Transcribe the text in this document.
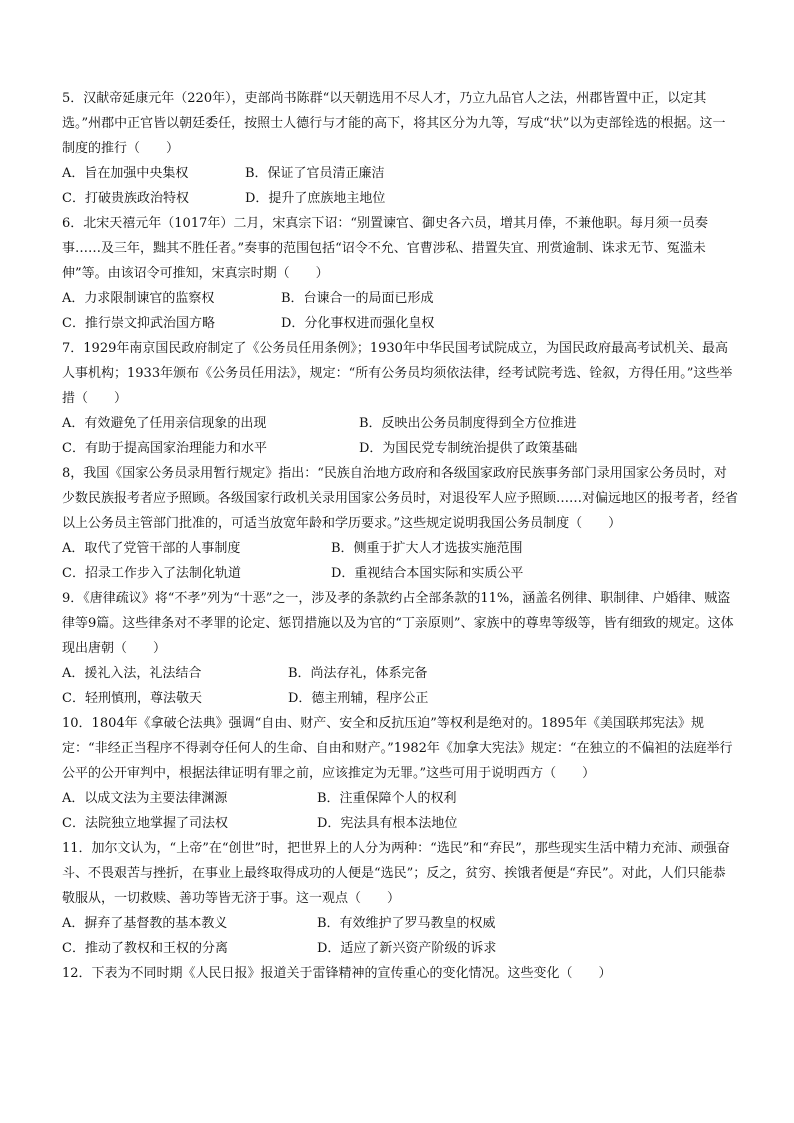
5．汉献帝延康元年（220年），吏部尚书陈群“以天朝选用不尽人才，乃立九品官人之法，州郡皆置中正，以定其选。”州郡中正官皆以朝廷委任，按照士人德行与才能的高下，将其区分为九等，写成“状”以为吏部铨选的根据。这一制度的推行（　　）

A．旨在加强中央集权	B．保证了官员清正廉洁
C．打破贵族政治特权	D．提升了庶族地主地位

6．北宋天禧元年（1017年）二月，宋真宗下诏：“别置谏官、御史各六员，增其月俸，不兼他职。每月须一员奏事……及三年，黜其不胜任者。”奏事的范围包括“诏令不允、官曹涉私、措置失宜、刑赏逾制、诛求无节、冤滥未伸”等。由该诏令可推知，宋真宗时期（　　）

A．力求限制谏官的监察权	B．台谏合一的局面已形成
C．推行崇文抑武治国方略	D．分化事权进而强化皇权

7．1929年南京国民政府制定了《公务员任用条例》；1930年中华民国考试院成立，为国民政府最高考试机关、最高人事机构；1933年颁布《公务员任用法》，规定：“所有公务员均须依法律，经考试院考选、铨叙，方得任用。”这些举措（　　）

A．有效避免了任用亲信现象的出现	B．反映出公务员制度得到全方位推进
C．有助于提高国家治理能力和水平	D．为国民党专制统治提供了政策基础

8，我国《国家公务员录用暂行规定》指出：“民族自治地方政府和各级国家政府民族事务部门录用国家公务员时，对少数民族报考者应予照顾。各级国家行政机关录用国家公务员时，对退役军人应予照顾……对偏远地区的报考者，经省以上公务员主管部门批准的，可适当放宽年龄和学历要求。”这些规定说明我国公务员制度（　　）

A．取代了党管干部的人事制度	B．侧重于扩大人才选拔实施范围
C．招录工作步入了法制化轨道	D．重视结合本国实际和实质公平

9．《唐律疏议》将“不孝”列为“十恶”之一，涉及孝的条款约占全部条款的11%，涵盖名例律、职制律、户婚律、贼盗律等9篇。这些律条对不孝罪的论定、惩罚措施以及为官的“丁亲原则”、家族中的尊卑等级等，皆有细致的规定。这体现出唐朝（　　）

A．援礼入法，礼法结合	B．尚法存礼，体系完备
C．轻刑慎刑，尊法敬天	D．德主刑辅，程序公正

10．1804年《拿破仑法典》强调“自由、财产、安全和反抗压迫”等权利是绝对的。1895年《美国联邦宪法》规定：“非经正当程序不得剥夺任何人的生命、自由和财产。”1982年《加拿大宪法》规定：“在独立的不偏袒的法庭举行公平的公开审判中，根据法律证明有罪之前，应该推定为无罪。”这些可用于说明西方（　　）

A．以成文法为主要法律渊源	B．注重保障个人的权利
C．法院独立地掌握了司法权	D．宪法具有根本法地位

11．加尔文认为，“上帝”在“创世”时，把世界上的人分为两种：“选民”和“弃民”，那些现实生活中精力充沛、顽强奋斗、不畏艰苦与挫折，在事业上最终取得成功的人便是“选民”；反之，贫穷、挨饿者便是“弃民”。对此，人们只能恭敬服从，一切救赎、善功等皆无济于事。这一观点（　　）

A．摒弃了基督教的基本教义	B．有效维护了罗马教皇的权威
C．推动了教权和王权的分离	D．适应了新兴资产阶级的诉求

12．下表为不同时期《人民日报》报道关于雷锋精神的宣传重心的变化情况。这些变化（　　）
